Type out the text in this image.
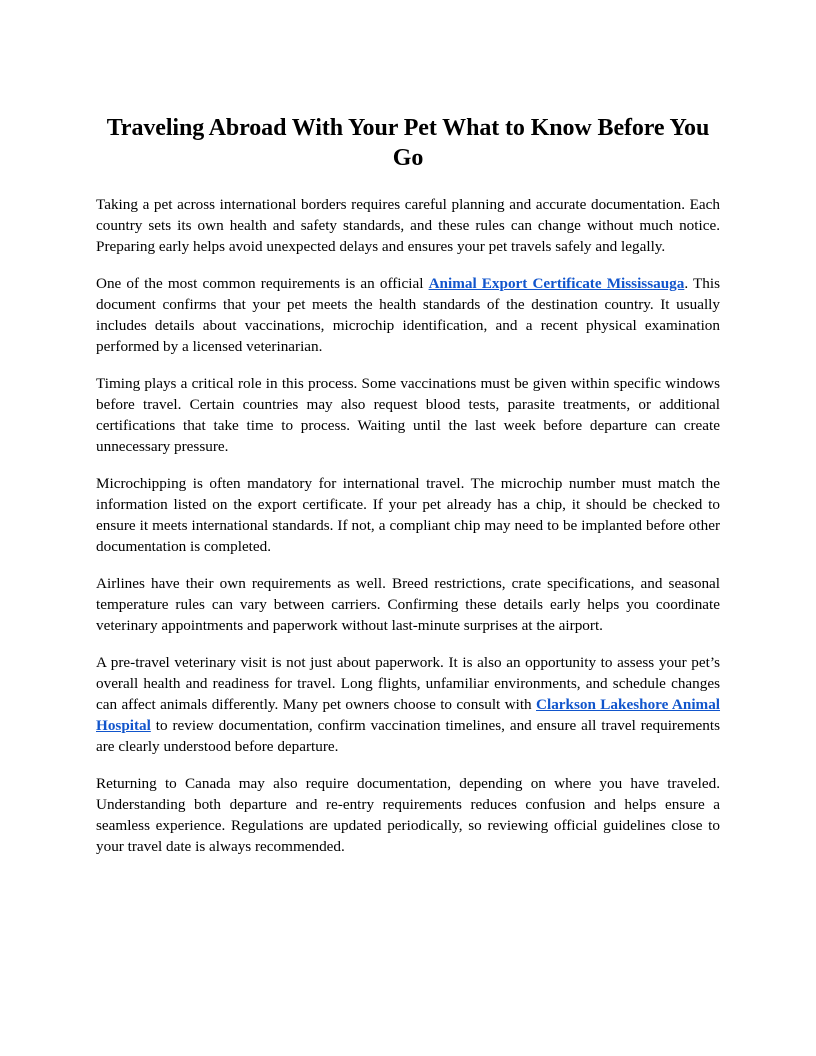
Traveling Abroad With Your Pet What to Know Before You Go

Taking a pet across international borders requires careful planning and accurate documentation. Each country sets its own health and safety standards, and these rules can change without much notice. Preparing early helps avoid unexpected delays and ensures your pet travels safely and legally.

One of the most common requirements is an official Animal Export Certificate Mississauga. This document confirms that your pet meets the health standards of the destination country. It usually includes details about vaccinations, microchip identification, and a recent physical examination performed by a licensed veterinarian.

Timing plays a critical role in this process. Some vaccinations must be given within specific windows before travel. Certain countries may also request blood tests, parasite treatments, or additional certifications that take time to process. Waiting until the last week before departure can create unnecessary pressure.

Microchipping is often mandatory for international travel. The microchip number must match the information listed on the export certificate. If your pet already has a chip, it should be checked to ensure it meets international standards. If not, a compliant chip may need to be implanted before other documentation is completed.

Airlines have their own requirements as well. Breed restrictions, crate specifications, and seasonal temperature rules can vary between carriers. Confirming these details early helps you coordinate veterinary appointments and paperwork without last-minute surprises at the airport.

A pre-travel veterinary visit is not just about paperwork. It is also an opportunity to assess your pet’s overall health and readiness for travel. Long flights, unfamiliar environments, and schedule changes can affect animals differently. Many pet owners choose to consult with Clarkson Lakeshore Animal Hospital to review documentation, confirm vaccination timelines, and ensure all travel requirements are clearly understood before departure.

Returning to Canada may also require documentation, depending on where you have traveled. Understanding both departure and re-entry requirements reduces confusion and helps ensure a seamless experience. Regulations are updated periodically, so reviewing official guidelines close to your travel date is always recommended.
